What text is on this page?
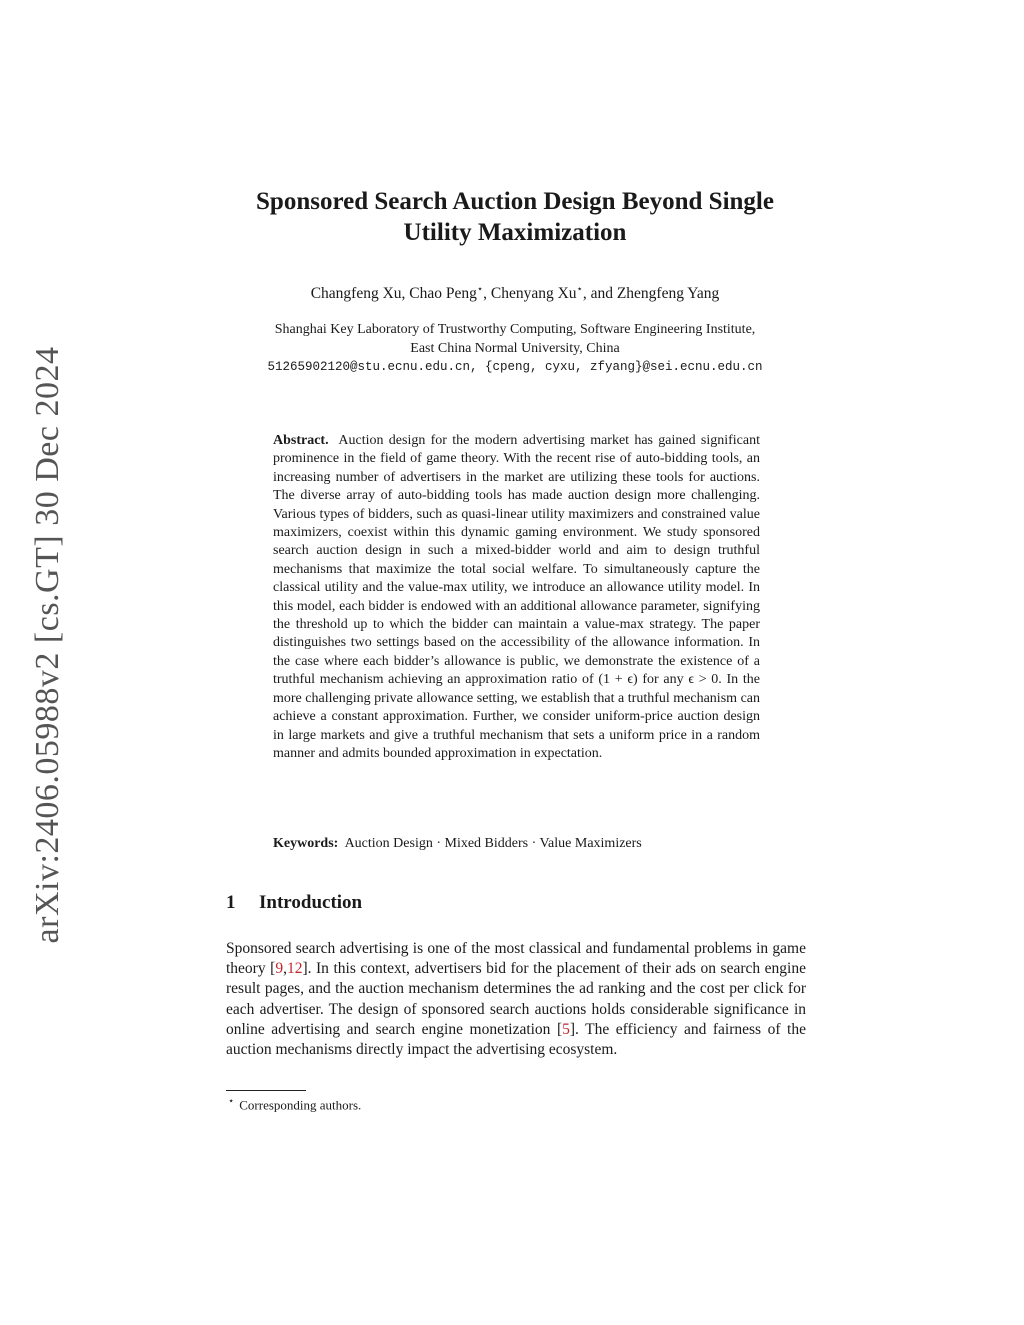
arXiv:2406.05988v2 [cs.GT] 30 Dec 2024
Sponsored Search Auction Design Beyond Single
Utility Maximization

Changfeng Xu, Chao Peng⋆, Chenyang Xu⋆, and Zhengfeng Yang

Shanghai Key Laboratory of Trustworthy Computing, Software Engineering Institute,
East China Normal University, China
51265902120@stu.ecnu.edu.cn, {cpeng, cyxu, zfyang}@sei.ecnu.edu.cn

Abstract. Auction design for the modern advertising market has gained significant prominence in the field of game theory. With the recent rise of auto-bidding tools, an increasing number of advertisers in the market are utilizing these tools for auctions. The diverse array of auto-bidding tools has made auction design more challenging. Various types of bidders, such as quasi-linear utility maximizers and constrained value maximizers, coexist within this dynamic gaming environment. We study sponsored search auction design in such a mixed-bidder world and aim to design truthful mechanisms that maximize the total social welfare. To simultaneously capture the classical utility and the value-max utility, we introduce an allowance utility model. In this model, each bidder is endowed with an additional allowance parameter, signifying the threshold up to which the bidder can maintain a value-max strategy. The paper distinguishes two settings based on the accessibility of the allowance information. In the case where each bidder’s allowance is public, we demonstrate the existence of a truthful mechanism achieving an approximation ratio of (1 + ϵ) for any ϵ > 0. In the more challenging private allowance setting, we establish that a truthful mechanism can achieve a constant approximation. Further, we consider uniform-price auction design in large markets and give a truthful mechanism that sets a uniform price in a random manner and admits bounded approximation in expectation.

Keywords: Auction Design · Mixed Bidders · Value Maximizers

1 Introduction

Sponsored search advertising is one of the most classical and fundamental problems in game theory [9,12]. In this context, advertisers bid for the placement of their ads on search engine result pages, and the auction mechanism determines the ad ranking and the cost per click for each advertiser. The design of sponsored search auctions holds considerable significance in online advertising and search engine monetization [5]. The efficiency and fairness of the auction mechanisms directly impact the advertising ecosystem.

⋆ Corresponding authors.
